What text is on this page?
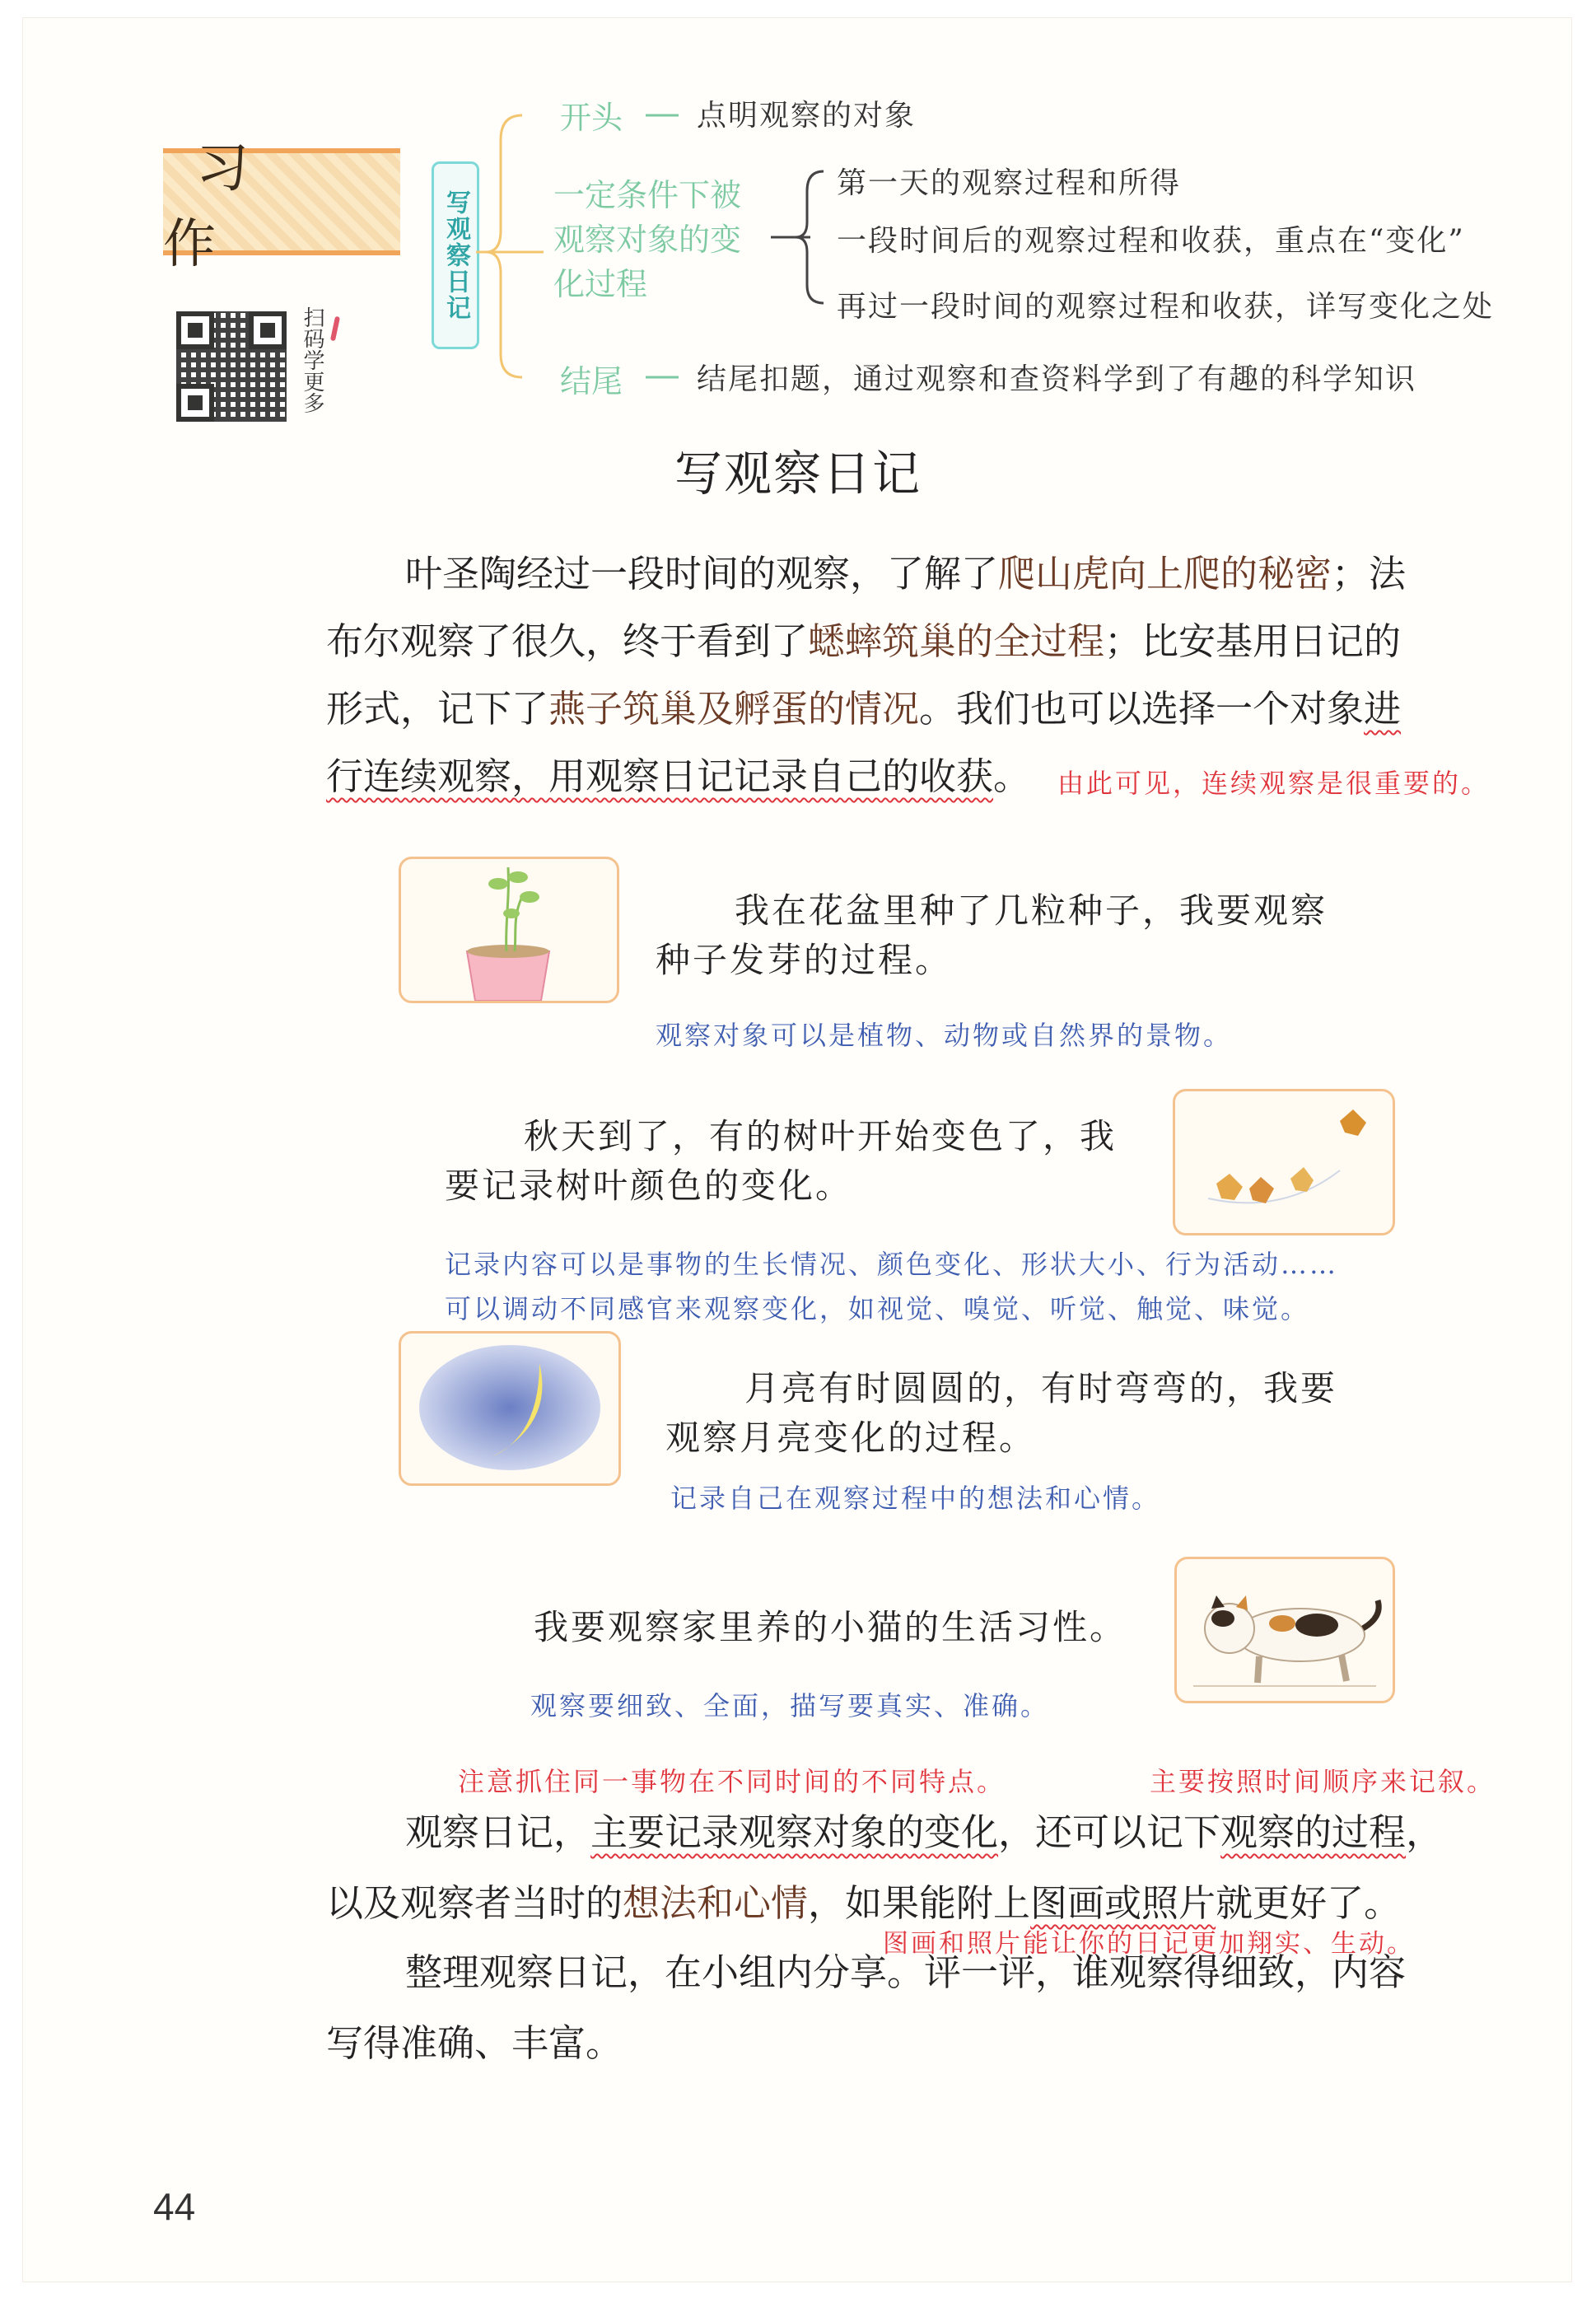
习 作
扫码学更多
写观察日记
开头 点明观察的对象
一定条件下被
观察对象的变
化过程
第一天的观察过程和所得
一段时间后的观察过程和收获，重点在“变化”
再过一段时间的观察过程和收获，详写变化之处
结尾 结尾扣题，通过观察和查资料学到了有趣的科学知识
写观察日记
叶圣陶经过一段时间的观察，了解了爬山虎向上爬的秘密；法
布尔观察了很久，终于看到了蟋蟀筑巢的全过程；比安基用日记的
形式，记下了燕子筑巢及孵蛋的情况。我们也可以选择一个对象进
行连续观察，用观察日记记录自己的收获。 由此可见，连续观察是很重要的。
我在花盆里种了几粒种子，我要观察
种子发芽的过程。
观察对象可以是植物、动物或自然界的景物。
秋天到了，有的树叶开始变色了，我
要记录树叶颜色的变化。
记录内容可以是事物的生长情况、颜色变化、形状大小、行为活动……
可以调动不同感官来观察变化，如视觉、嗅觉、听觉、触觉、味觉。
月亮有时圆圆的，有时弯弯的，我要
观察月亮变化的过程。
记录自己在观察过程中的想法和心情。
我要观察家里养的小猫的生活习性。
观察要细致、全面，描写要真实、准确。
注意抓住同一事物在不同时间的不同特点。	主要按照时间顺序来记叙。
观察日记，主要记录观察对象的变化，还可以记下观察的过程，
以及观察者当时的想法和心情，如果能附上图画或照片就更好了。
图画和照片能让你的日记更加翔实、生动。
整理观察日记，在小组内分享。评一评，谁观察得细致，内容
写得准确、丰富。
44
